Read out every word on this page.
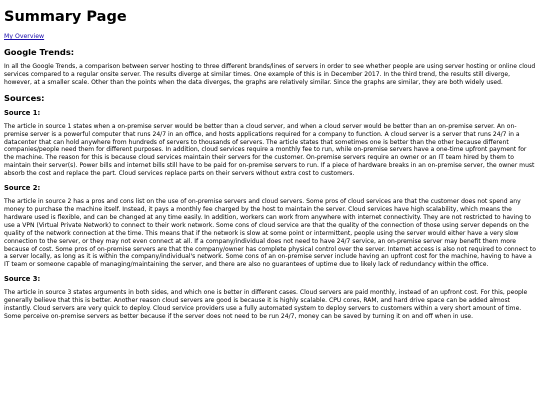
Summary Page
My Overview
Google Trends:

In all the Google Trends, a comparison between server hosting to three different brands/lines of servers in order to see whether people are using server hosting or online cloud services compared to a regular onsite server. The results diverge at similar times. One example of this is in December 2017. In the third trend, the results still diverge, however, at a smaller scale. Other than the points when the data diverges, the graphs are relatively similar. Since the graphs are similar, they are both widely used.

Sources:
Source 1:

The article in source 1 states when a on-premise server would be better than a cloud server, and when a cloud server would be better than an on-premise server. An on-premise server is a powerful computer that runs 24/7 in an office, and hosts applications required for a company to function. A cloud server is a server that runs 24/7 in a datacenter that can hold anywhere from hundreds of servers to thousands of servers. The article states that sometimes one is better than the other because different companies/people need them for different purposes. In addition, cloud services require a monthly fee to run, while on-premise servers have a one-time upfront payment for the machine. The reason for this is because cloud services maintain their servers for the customer. On-premise servers require an owner or an IT team hired by them to maintain their server(s). Power bills and internet bills still have to be paid for on-premise servers to run. If a piece of hardware breaks in an on-premise server, the owner must absorb the cost and replace the part. Cloud services replace parts on their servers without extra cost to customers.

Source 2:

The article in source 2 has a pros and cons list on the use of on-premise servers and cloud servers. Some pros of cloud services are that the customer does not spend any money to purchase the machine itself. Instead, it pays a monthly fee charged by the host to maintain the server. Cloud services have high scalability, which means the hardware used is flexible, and can be changed at any time easily. In addition, workers can work from anywhere with internet connectivity. They are not restricted to having to use a VPN (Virtual Private Network) to connect to their work network. Some cons of cloud service are that the quality of the connection of those using server depends on the quality of the network connection at the time. This means that if the network is slow at some point or intermittent, people using the server would either have a very slow connection to the server, or they may not even connect at all. If a company/individual does not need to have 24/7 service, an on-premise server may benefit them more because of cost. Some pros of on-premise servers are that the company/owner has complete physical control over the server. Internet access is also not required to connect to a server locally, as long as it is within the company/individual's network. Some cons of an on-premise server include having an upfront cost for the machine, having to have a IT team or someone capable of managing/maintaining the server, and there are also no guarantees of uptime due to likely lack of redundancy within the office.

Source 3:

The article in source 3 states arguments in both sides, and which one is better in different cases. Cloud servers are paid monthly, instead of an upfront cost. For this, people generally believe that this is better. Another reason cloud servers are good is because it is highly scalable. CPU cores, RAM, and hard drive space can be added almost instantly. Cloud servers are very quick to deploy. Cloud service providers use a fully automated system to deploy servers to customers within a very short amount of time. Some perceive on-premise servers as better because if the server does not need to be run 24/7, money can be saved by turning it on and off when in use.
